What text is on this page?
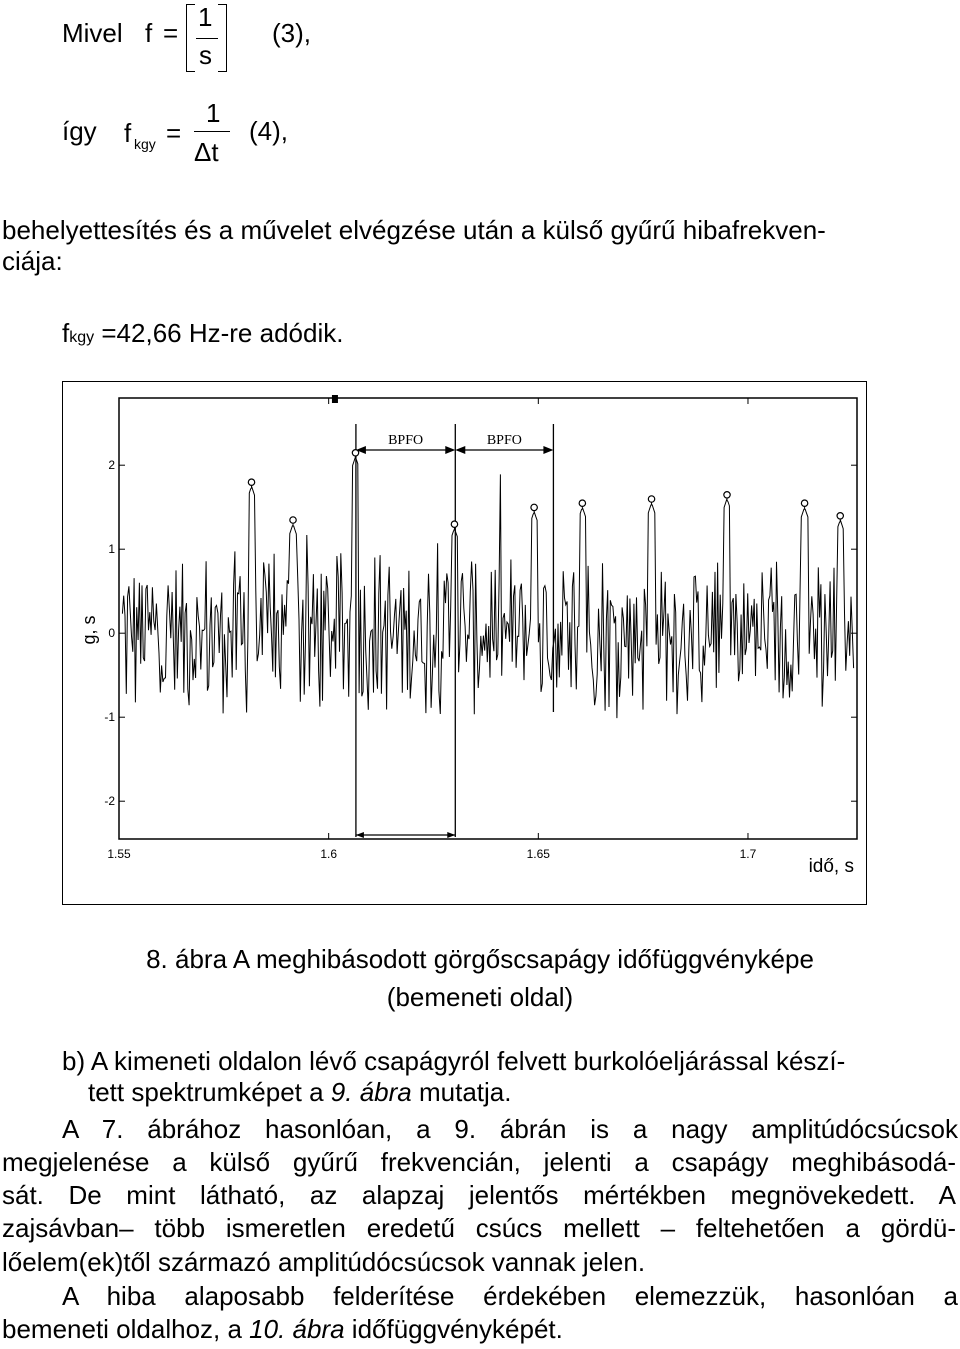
Mivel f =
1
s
(3),
így f kgy =
1
Δt
(4),
behelyettesítés és a művelet elvégzése után a külső gyűrű hibafrekven-
ciája:
fkgy =42,66 Hz-re adódik.
-2
-1
0
1
2
1.55	1.6	1.65	1.7
BPFO	BPFO
g, s
idő, s
8. ábra A meghibásodott görgőscsapágy időfüggvényképe
(bemeneti oldal)
b) A kimeneti oldalon lévő csapágyról felvett burkolóeljárással készí-
tett spektrumképet a 9. ábra mutatja.
A 7. ábrához hasonlóan, a 9. ábrán is a nagy amplitúdócsúcsok
megjelenése a külső gyűrű frekvencián, jelenti a csapágy meghibásodá-
sát. De mint látható, az alapzaj jelentős mértékben megnövekedett. A
zajsávban– több ismeretlen eredetű csúcs mellett – feltehetően a gördü-
lőelem(ek)től származó amplitúdócsúcsok vannak jelen.
A hiba alaposabb felderítése érdekében elemezzük, hasonlóan a
bemeneti oldalhoz, a 10. ábra időfüggvényképét.
